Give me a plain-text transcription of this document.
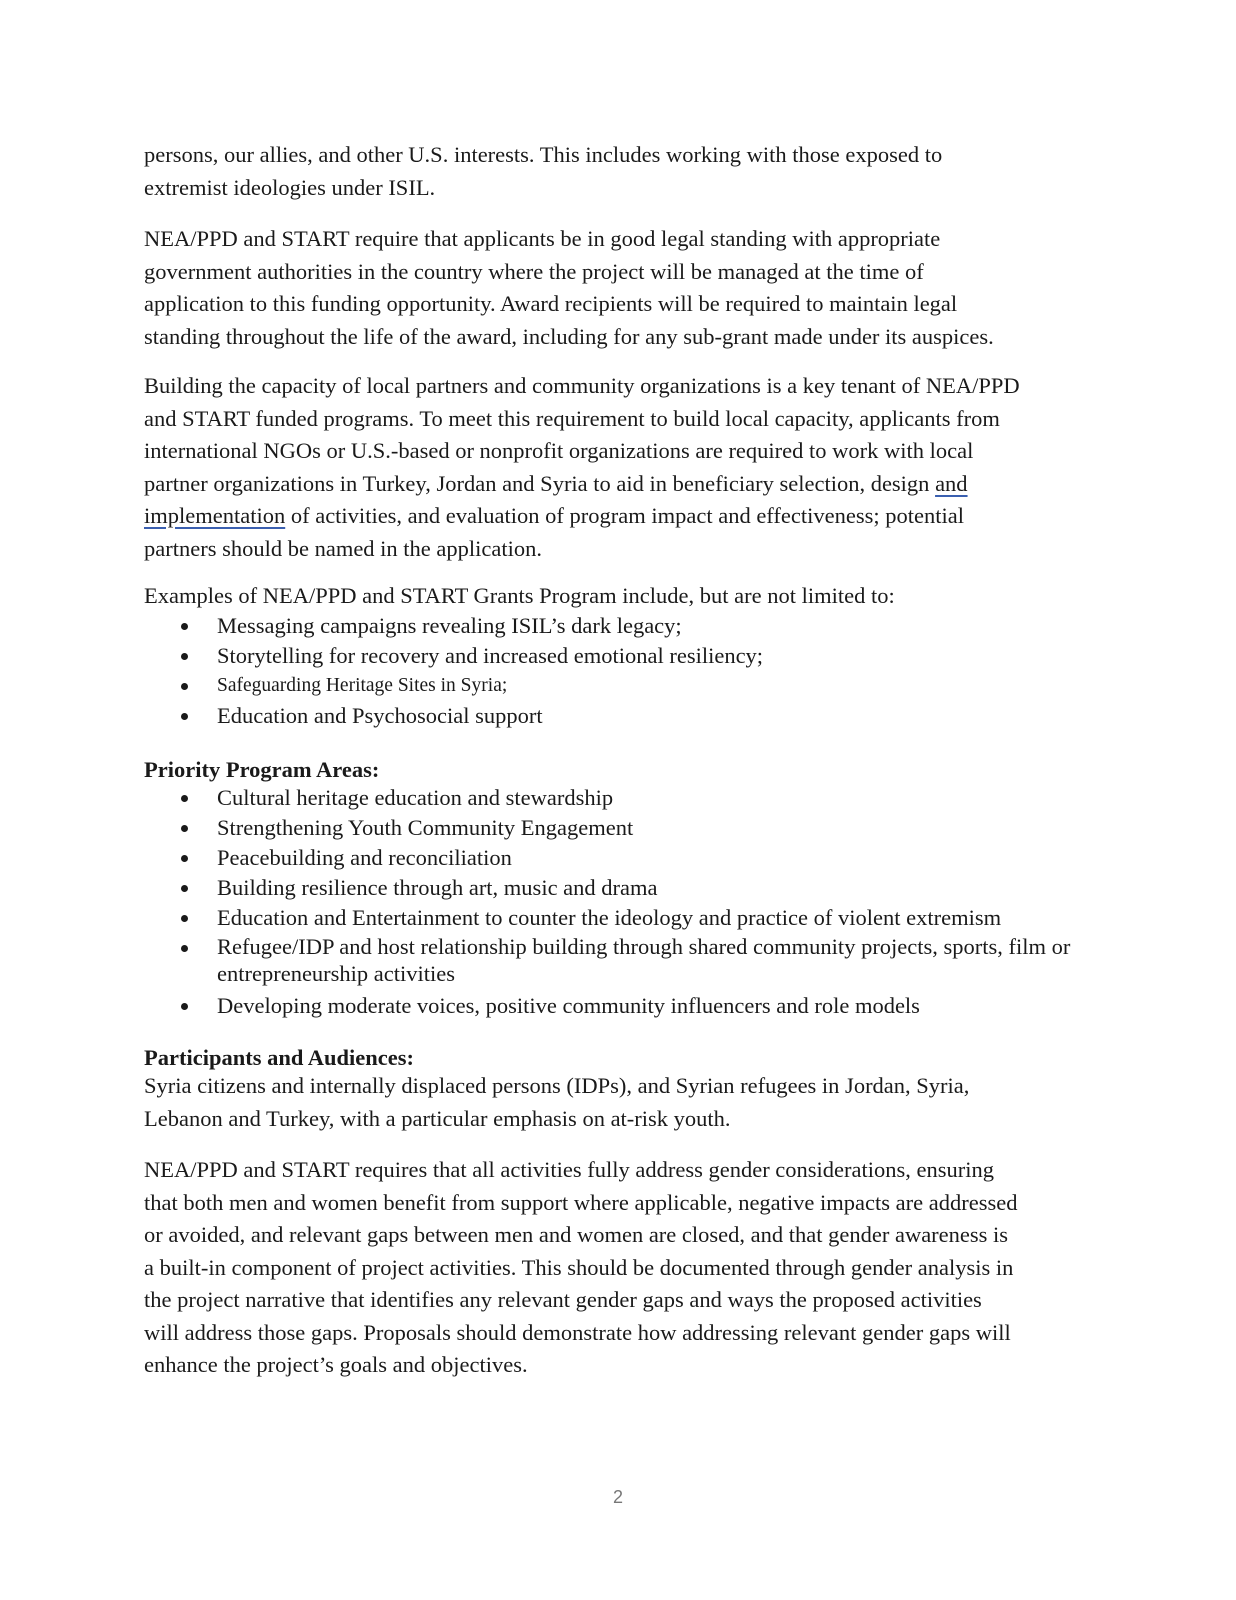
persons, our allies, and other U.S. interests. This includes working with those exposed to
extremist ideologies under ISIL.
NEA/PPD and START require that applicants be in good legal standing with appropriate
government authorities in the country where the project will be managed at the time of
application to this funding opportunity. Award recipients will be required to maintain legal
standing throughout the life of the award, including for any sub-grant made under its auspices.
Building the capacity of local partners and community organizations is a key tenant of NEA/PPD
and START funded programs. To meet this requirement to build local capacity, applicants from
international NGOs or U.S.-based or nonprofit organizations are required to work with local
partner organizations in Turkey, Jordan and Syria to aid in beneficiary selection, design and
implementation of activities, and evaluation of program impact and effectiveness; potential
partners should be named in the application.
Examples of NEA/PPD and START Grants Program include, but are not limited to:
Messaging campaigns revealing ISIL’s dark legacy;
Storytelling for recovery and increased emotional resiliency;
Safeguarding Heritage Sites in Syria;
Education and Psychosocial support
Priority Program Areas:
Cultural heritage education and stewardship
Strengthening Youth Community Engagement
Peacebuilding and reconciliation
Building resilience through art, music and drama
Education and Entertainment to counter the ideology and practice of violent extremism
Refugee/IDP and host relationship building through shared community projects, sports, film or entrepreneurship activities
Developing moderate voices, positive community influencers and role models
Participants and Audiences:
Syria citizens and internally displaced persons (IDPs), and Syrian refugees in Jordan, Syria,
Lebanon and Turkey, with a particular emphasis on at-risk youth.
NEA/PPD and START requires that all activities fully address gender considerations, ensuring
that both men and women benefit from support where applicable, negative impacts are addressed
or avoided, and relevant gaps between men and women are closed, and that gender awareness is
a built-in component of project activities. This should be documented through gender analysis in
the project narrative that identifies any relevant gender gaps and ways the proposed activities
will address those gaps. Proposals should demonstrate how addressing relevant gender gaps will
enhance the project’s goals and objectives.
2
